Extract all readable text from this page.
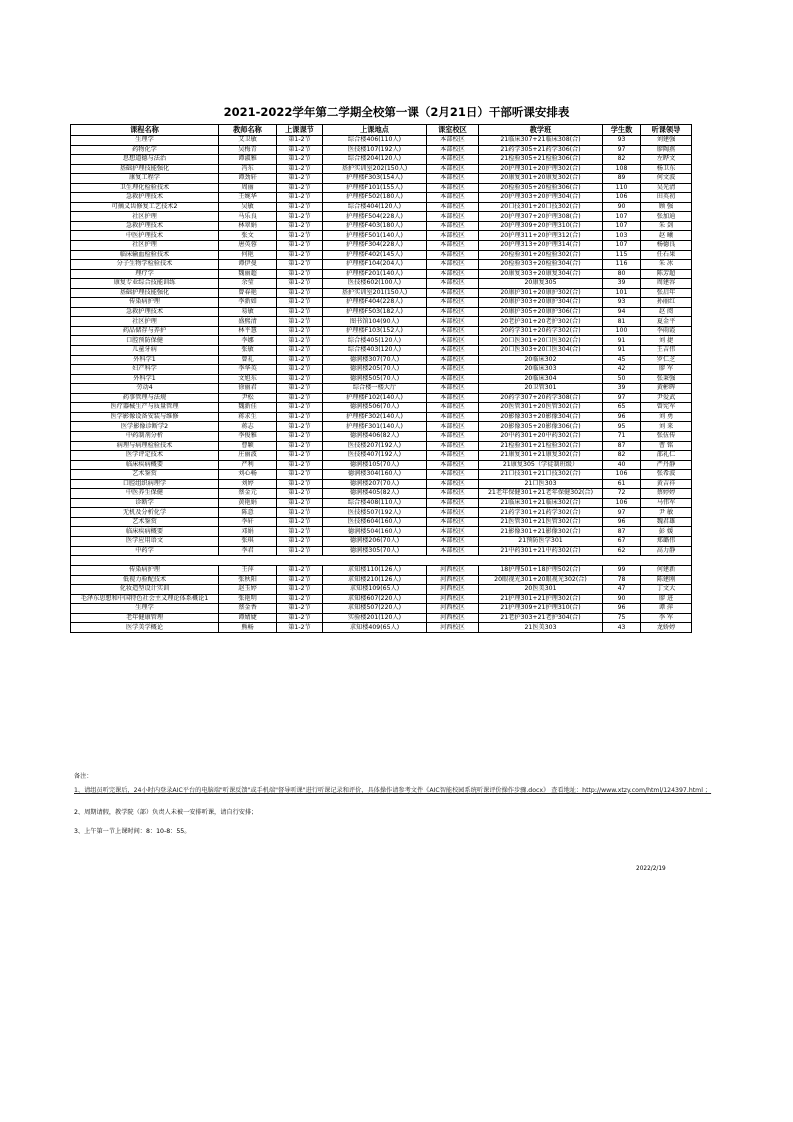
2021-2022学年第二学期全校第一课（2月21日）干部听课安排表
课程名称	教师名称	上课课节	上课地点	课室校区	教学班	学生数	听课领导
生理学	艾卫敏	第1-2节	综合楼406(110人)	本部校区	21临床307+21临床308(合)	93	刘建强
药物化学	吴梅青	第1-2节	医技楼107(192人)	本部校区	21药学305+21药学306(合)	97	廖陶燕
思想道德与法治	谭淑雅	第1-2节	综合楼204(120人)	本部校区	21检验305+21检验306(合)	82	左晔文
基础护理技能强化	冯东	第1-2节	基护实训室202(150人)	本部校区	20护理301+20护理302(合)	108	杨卫东
康复工程学	谭劲轩	第1-2节	护理楼F303(154人)	本部校区	20康复301+20康复302(合)	89	何文波
卫生理化检验技术	周丽	第1-2节	护理楼F101(155人)	本部校区	20检验305+20检验306(合)	110	吴光清
急救护理技术	王婉华	第1-2节	护理楼F502(180人)	本部校区	20护理303+20护理304(合)	106	田英初
可摘义齿修复工艺技术2	吴敏	第1-2节	综合楼404(120人)	本部校区	20口技301+20口技302(合)	90	顾 强
社区护理	马乐良	第1-2节	护理楼F504(228人)	本部校区	20护理307+20护理308(合)	107	张加迪
急救护理技术	林翠娟	第1-2节	护理楼F403(180人)	本部校区	20护理309+20护理310(合)	107	朱 剑
中医护理技术	张文	第1-2节	护理楼F501(140人)	本部校区	20护理311+20护理312(合)	103	赵 曦
社区护理	唐英蓉	第1-2节	护理楼F304(228人)	本部校区	20护理313+20护理314(合)	107	杨德良
临床输血检验技术	何艳	第1-2节	护理楼F402(145人)	本部校区	20检验301+20检验302(合)	115	任石果
分子生物学检验技术	谭伊曼	第1-2节	护理楼F104(204人)	本部校区	20检验303+20检验304(合)	116	朱 冰
理疗学	魏丽超	第1-2节	护理楼F201(140人)	本部校区	20康复303+20康复304(合)	80	陈芳超
康复专业综合技能训练	余莹	第1-2节	医技楼602(100人)	本部校区	20康复305	39	周建容
基础护理技能强化	曾春艳	第1-2节	基护实训室201(150人)	本部校区	20康护301+20康护302(合)	101	张启年
传染病护理	李新如	第1-2节	护理楼F404(228人)	本部校区	20康护303+20康护304(合)	93	孙丽红
急救护理技术	易敏	第1-2节	护理楼F503(182人)	本部校区	20康护305+20康护306(合)	94	赵 阅
社区护理	盛熙清	第1-2节	图书馆104(90人)	本部校区	20老护301+20老护302(合)	81	夏金平
药品储存与养护	林平慧	第1-2节	护理楼F103(152人)	本部校区	20药学301+20药学302(合)	100	李雨霞
口腔预防保健	李娜	第1-2节	综合楼405(120人)	本部校区	20口医301+20口医302(合)	91	刘 捷
儿童牙病	张敏	第1-2节	综合楼403(120人)	本部校区	20口医303+20口医304(合)	91	王吉伟
外科学1	曾礼	第1-2节	德润楼307(70人)	本部校区	20临床302	45	罗仁芝
妇产科学	李华英	第1-2节	德润楼205(70人)	本部校区	20临床303	42	廖 军
外科学1	文旭东	第1-2节	德润楼505(70人)	本部校区	20临床304	50	张秉强
劳动4	徐丽君	第1-2节	综合楼一楼大厅	本部校区	20卫管301	39	黄彬晖
药事管理与法规	尹松	第1-2节	护理楼F102(140人)	本部校区	20药学307+20药学308(合)	97	尹爱武
医疗器械生产与质量管理	魏新佳	第1-2节	德润楼506(70人)	本部校区	20医管301+20医管302(合)	65	曾宪军
医学影像设备安装与维修	蒋求生	第1-2节	护理楼F302(140人)	本部校区	20影像303+20影像304(合)	96	刘 勇
医学影像诊断学2	蒋志	第1-2节	护理楼F301(140人)	本部校区	20影像305+20影像306(合)	95	刘 来
中药制剂分析	李俊雅	第1-2节	德润楼406(82人)	本部校区	20中药301+20中药302(合)	71	张伍传
病理与病理检验技术	曹颖	第1-2节	医技楼207(192人)	本部校区	21检验301+21检验302(合)	87	曹 铭
医学评定技术	庄丽波	第1-2节	医技楼407(192人)	本部校区	21康复301+21康复302(合)	82	邵礼仁
临床疾病概要	严利	第1-2节	德润楼105(70人)	本部校区	21康复305（学徒制班级）	40	严丹静
艺术鉴赏	刘心畅	第1-2节	德润楼304(160人)	本部校区	21口技301+21口技302(合)	106	张希波
口腔组织病理学	刘婷	第1-2节	德润楼207(70人)	本部校区	21口医303	61	黄吉祥
中医养生保健	蔡金元	第1-2节	德润楼405(82人)	本部校区	21老年保健301+21老年保健302(合)	72	蔡婷婷
诊断学	黄艳娟	第1-2节	综合楼408(110人)	本部校区	21临床301+21临床302(合)	106	马伟军
无机及分析化学	陈意	第1-2节	医技楼507(192人)	本部校区	21药学301+21药学302(合)	97	尹 敏
艺术鉴赏	李轩	第1-2节	医技楼604(160人)	本部校区	21医管301+21医管302(合)	96	魏君雄
临床疾病概要	邓娟	第1-2节	德润楼504(160人)	本部校区	21影像301+21影像302(合)	87	彭 媛
医学应用语文	张琪	第1-2节	德润楼206(70人)	本部校区	21预防医学301	67	郑璐伟
中药学	李君	第1-2节	德润楼305(70人)	本部校区	21中药301+21中药302(合)	62	高力静

传染病护理	王萍	第1-2节	求知楼110(126人)	河西校区	18护理501+18护理502(合)	99	何建新
低视力验配技术	张秋阳	第1-2节	求知楼210(126人)	河西校区	20眼视光301+20眼视光302(合)	78	陈建刚
化妆造型设计实训	赵玉婷	第1-2节	求知楼109(65人)	河西校区	20医美301	47	丁文大
毛泽东思想和中国特色社会主义理论体系概论1	张艳明	第1-2节	求知楼607(220人)	河西校区	21护理301+21护理302(合)	90	廖 进
生理学	蔡金香	第1-2节	求知楼507(220人)	河西校区	21护理309+21护理310(合)	96	谭 萍
老年健康管理	谭婧婕	第1-2节	实验楼201(120人)	河西校区	21老护303+21老护304(合)	75	李 军
医学美学概论	熊畅	第1-2节	求知楼409(65人)	河西校区	21医美303	43	龙娇婷

备注：

1、请组员听完课后，24小时内登录AIC平台的电脑端"听课反馈"或手机端"督导听课"进行听课记录和评价，具体操作请参考文件《AIC智能校园系统听课评价操作步骤.docx》 查看地址：http://www.xtzy.com/html/124397.html ；

2、周期请假，教学院（部）负责人未被一安排听课，请自行安排；

3、上午第一节上课时间：8：10-8：55。

2022/2/19
